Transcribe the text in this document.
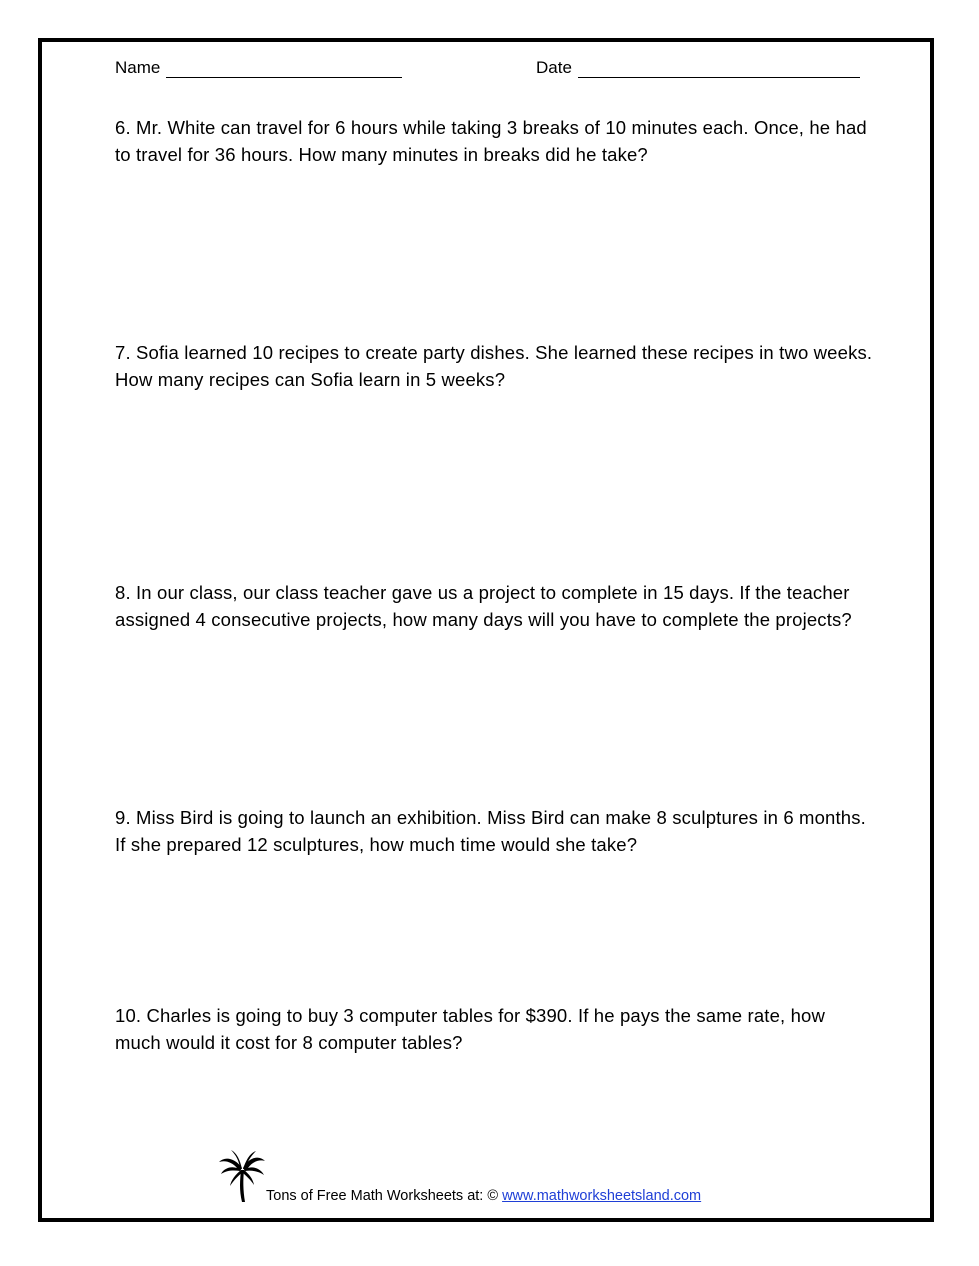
Name	Date
6. Mr. White can travel for 6 hours while taking 3 breaks of 10 minutes each. Once, he had to travel for 36 hours. How many minutes in breaks did he take?
7. Sofia learned 10 recipes to create party dishes. She learned these recipes in two weeks. How many recipes can Sofia learn in 5 weeks?
8. In our class, our class teacher gave us a project to complete in 15 days. If the teacher assigned 4 consecutive projects, how many days will you have to complete the projects?
9. Miss Bird is going to launch an exhibition. Miss Bird can make 8 sculptures in 6 months. If she prepared 12 sculptures, how much time would she take?
10. Charles is going to buy 3 computer tables for $390. If he pays the same rate, how much would it cost for 8 computer tables?
Tons of Free Math Worksheets at: © www.mathworksheetsland.com
